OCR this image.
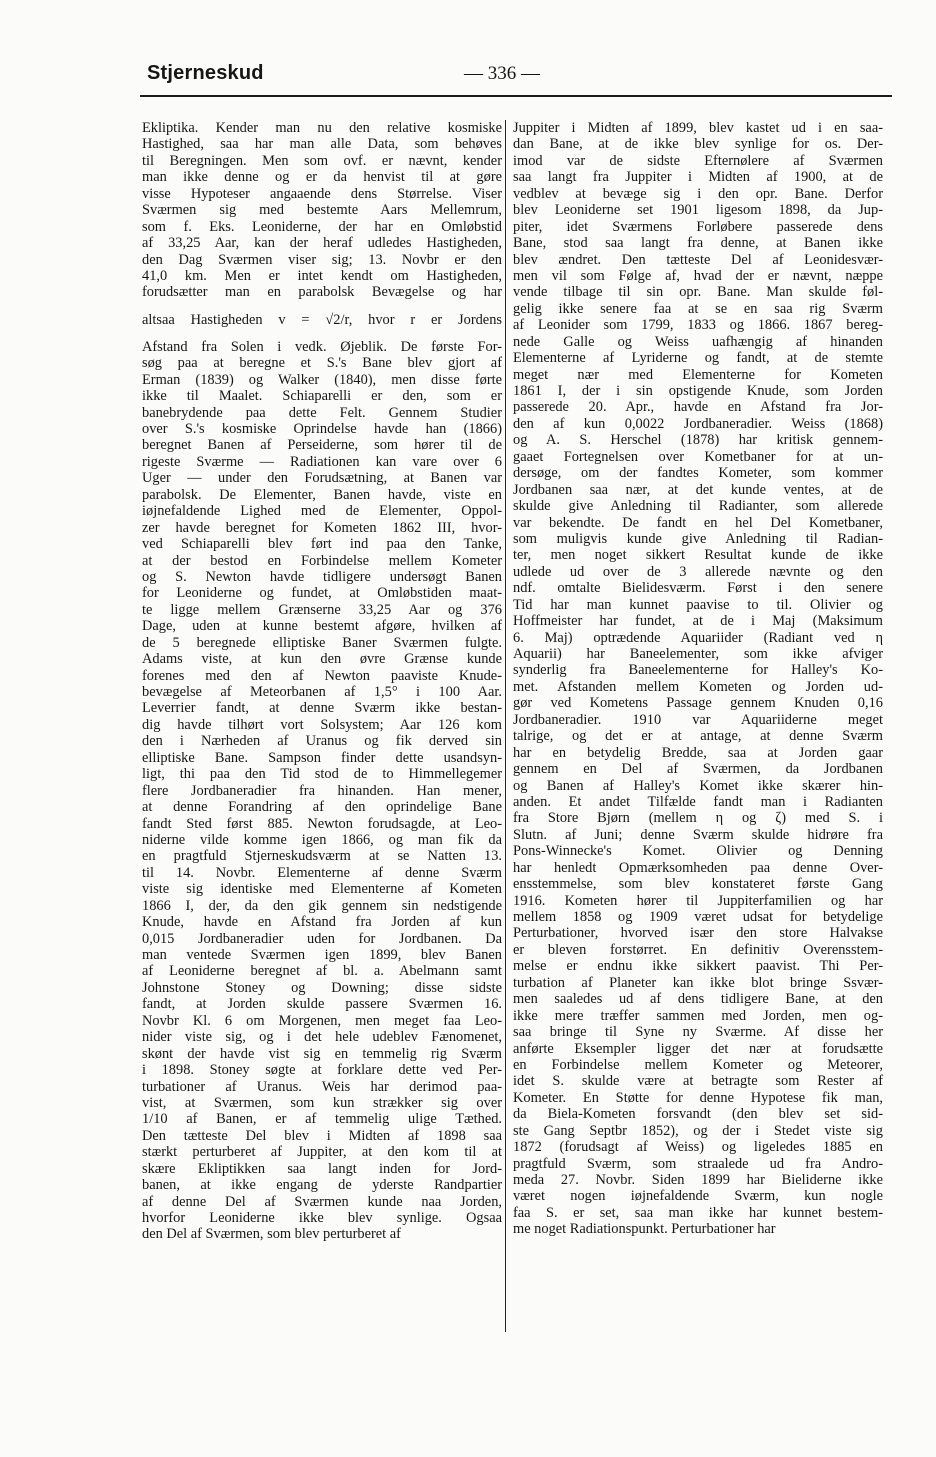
Stjerneskud	— 336 —
Ekliptika. Kender man nu den relative kosmiske
Hastighed, saa har man alle Data, som behøves
til Beregningen. Men som ovf. er nævnt, kender
man ikke denne og er da henvist til at gøre
visse Hypoteser angaaende dens Størrelse. Viser
Sværmen sig med bestemte Aars Mellemrum,
som f. Eks. Leoniderne, der har en Omløbstid
af 33,25 Aar, kan der heraf udledes Hastigheden,
den Dag Sværmen viser sig; 13. Novbr er den
41,0 km. Men er intet kendt om Hastigheden,
forudsætter man en parabolsk Bevægelse og har
altsaa Hastigheden v = √2/r, hvor r er Jordens
Afstand fra Solen i vedk. Øjeblik. De første For-
søg paa at beregne et S.'s Bane blev gjort af
Erman (1839) og Walker (1840), men disse førte
ikke til Maalet. Schiaparelli er den, som er
banebrydende paa dette Felt. Gennem Studier
over S.'s kosmiske Oprindelse havde han (1866)
beregnet Banen af Perseiderne, som hører til de
rigeste Sværme — Radiationen kan vare over 6
Uger — under den Forudsætning, at Banen var
parabolsk. De Elementer, Banen havde, viste en
iøjnefaldende Lighed med de Elementer, Oppol-
zer havde beregnet for Kometen 1862 III, hvor-
ved Schiaparelli blev ført ind paa den Tanke,
at der bestod en Forbindelse mellem Kometer
og S. Newton havde tidligere undersøgt Banen
for Leoniderne og fundet, at Omløbstiden maat-
te ligge mellem Grænserne 33,25 Aar og 376
Dage, uden at kunne bestemt afgøre, hvilken af
de 5 beregnede elliptiske Baner Sværmen fulgte.
Adams viste, at kun den øvre Grænse kunde
forenes med den af Newton paaviste Knude-
bevægelse af Meteorbanen af 1,5° i 100 Aar.
Leverrier fandt, at denne Sværm ikke bestan-
dig havde tilhørt vort Solsystem; Aar 126 kom
den i Nærheden af Uranus og fik derved sin
elliptiske Bane. Sampson finder dette usandsyn-
ligt, thi paa den Tid stod de to Himmellegemer
flere Jordbaneradier fra hinanden. Han mener,
at denne Forandring af den oprindelige Bane
fandt Sted først 885. Newton forudsagde, at Leo-
niderne vilde komme igen 1866, og man fik da
en pragtfuld Stjerneskudsværm at se Natten 13.
til 14. Novbr. Elementerne af denne Sværm
viste sig identiske med Elementerne af Kometen
1866 I, der, da den gik gennem sin nedstigende
Knude, havde en Afstand fra Jorden af kun
0,015 Jordbaneradier uden for Jordbanen. Da
man ventede Sværmen igen 1899, blev Banen
af Leoniderne beregnet af bl. a. Abelmann samt
Johnstone Stoney og Downing; disse sidste
fandt, at Jorden skulde passere Sværmen 16.
Novbr Kl. 6 om Morgenen, men meget faa Leo-
nider viste sig, og i det hele udeblev Fænomenet,
skønt der havde vist sig en temmelig rig Sværm
i 1898. Stoney søgte at forklare dette ved Per-
turbationer af Uranus. Weis har derimod paa-
vist, at Sværmen, som kun strækker sig over
1/10 af Banen, er af temmelig ulige Tæthed.
Den tætteste Del blev i Midten af 1898 saa
stærkt perturberet af Juppiter, at den kom til at
skære Ekliptikken saa langt inden for Jord-
banen, at ikke engang de yderste Randpartier
af denne Del af Sværmen kunde naa Jorden,
hvorfor Leoniderne ikke blev synlige. Ogsaa
den Del af Sværmen, som blev perturberet af
Juppiter i Midten af 1899, blev kastet ud i en saa-
dan Bane, at de ikke blev synlige for os. Der-
imod var de sidste Efternølere af Sværmen
saa langt fra Juppiter i Midten af 1900, at de
vedblev at bevæge sig i den opr. Bane. Derfor
blev Leoniderne set 1901 ligesom 1898, da Jup-
piter, idet Sværmens Forløbere passerede dens
Bane, stod saa langt fra denne, at Banen ikke
blev ændret. Den tætteste Del af Leonidesvær-
men vil som Følge af, hvad der er nævnt, næppe
vende tilbage til sin opr. Bane. Man skulde føl-
gelig ikke senere faa at se en saa rig Sværm
af Leonider som 1799, 1833 og 1866. 1867 bereg-
nede Galle og Weiss uafhængig af hinanden
Elementerne af Lyriderne og fandt, at de stemte
meget nær med Elementerne for Kometen
1861 I, der i sin opstigende Knude, som Jorden
passerede 20. Apr., havde en Afstand fra Jor-
den af kun 0,0022 Jordbaneradier. Weiss (1868)
og A. S. Herschel (1878) har kritisk gennem-
gaaet Fortegnelsen over Kometbaner for at un-
dersøge, om der fandtes Kometer, som kommer
Jordbanen saa nær, at det kunde ventes, at de
skulde give Anledning til Radianter, som allerede
var bekendte. De fandt en hel Del Kometbaner,
som muligvis kunde give Anledning til Radian-
ter, men noget sikkert Resultat kunde de ikke
udlede ud over de 3 allerede nævnte og den
ndf. omtalte Bielidesværm. Først i den senere
Tid har man kunnet paavise to til. Olivier og
Hoffmeister har fundet, at de i Maj (Maksimum
6. Maj) optrædende Aquariider (Radiant ved η
Aquarii) har Baneelementer, som ikke afviger
synderlig fra Baneelementerne for Halley's Ko-
met. Afstanden mellem Kometen og Jorden ud-
gør ved Kometens Passage gennem Knuden 0,16
Jordbaneradier. 1910 var Aquariiderne meget
talrige, og det er at antage, at denne Sværm
har en betydelig Bredde, saa at Jorden gaar
gennem en Del af Sværmen, da Jordbanen
og Banen af Halley's Komet ikke skærer hin-
anden. Et andet Tilfælde fandt man i Radianten
fra Store Bjørn (mellem η og ζ) med S. i
Slutn. af Juni; denne Sværm skulde hidrøre fra
Pons-Winnecke's Komet. Olivier og Denning
har henledt Opmærksomheden paa denne Over-
ensstemmelse, som blev konstateret første Gang
1916. Kometen hører til Juppiterfamilien og har
mellem 1858 og 1909 været udsat for betydelige
Perturbationer, hvorved især den store Halvakse
er bleven forstørret. En definitiv Overensstem-
melse er endnu ikke sikkert paavist. Thi Per-
turbation af Planeter kan ikke blot bringe Ssvær-
men saaledes ud af dens tidligere Bane, at den
ikke mere træffer sammen med Jorden, men og-
saa bringe til Syne ny Sværme. Af disse her
anførte Eksempler ligger det nær at forudsætte
en Forbindelse mellem Kometer og Meteorer,
idet S. skulde være at betragte som Rester af
Kometer. En Støtte for denne Hypotese fik man,
da Biela-Kometen forsvandt (den blev set sid-
ste Gang Septbr 1852), og der i Stedet viste sig
1872 (forudsagt af Weiss) og ligeledes 1885 en
pragtfuld Sværm, som straalede ud fra Andro-
meda 27. Novbr. Siden 1899 har Bieliderne ikke
været nogen iøjnefaldende Sværm, kun nogle
faa S. er set, saa man ikke har kunnet bestem-
me noget Radiationspunkt. Perturbationer har
